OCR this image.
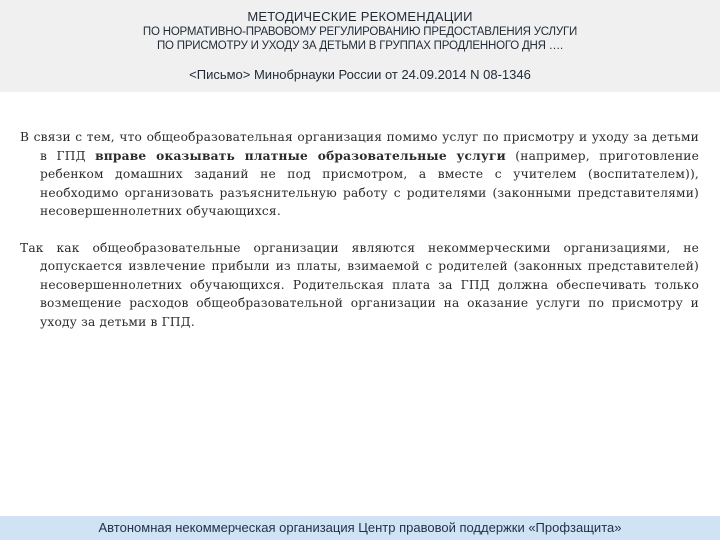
МЕТОДИЧЕСКИЕ РЕКОМЕНДАЦИИ
ПО НОРМАТИВНО-ПРАВОВОМУ РЕГУЛИРОВАНИЮ ПРЕДОСТАВЛЕНИЯ УСЛУГИ
ПО ПРИСМОТРУ И УХОДУ ЗА ДЕТЬМИ В ГРУППАХ ПРОДЛЕННОГО ДНЯ ….
<Письмо> Минобрнауки России от 24.09.2014 N 08-1346

В связи с тем, что общеобразовательная организация помимо услуг по присмотру и уходу за детьми в ГПД вправе оказывать платные образовательные услуги (например, приготовление ребенком домашних заданий не под присмотром, а вместе с учителем (воспитателем)), необходимо организовать разъяснительную работу с родителями (законными представителями) несовершеннолетних обучающихся.

Так как общеобразовательные организации являются некоммерческими организациями, не допускается извлечение прибыли из платы, взимаемой с родителей (законных представителей) несовершеннолетних обучающихся. Родительская плата за ГПД должна обеспечивать только возмещение расходов общеобразовательной организации на оказание услуги по присмотру и уходу за детьми в ГПД.

Автономная некоммерческая организация Центр правовой поддержки «Профзащита»
